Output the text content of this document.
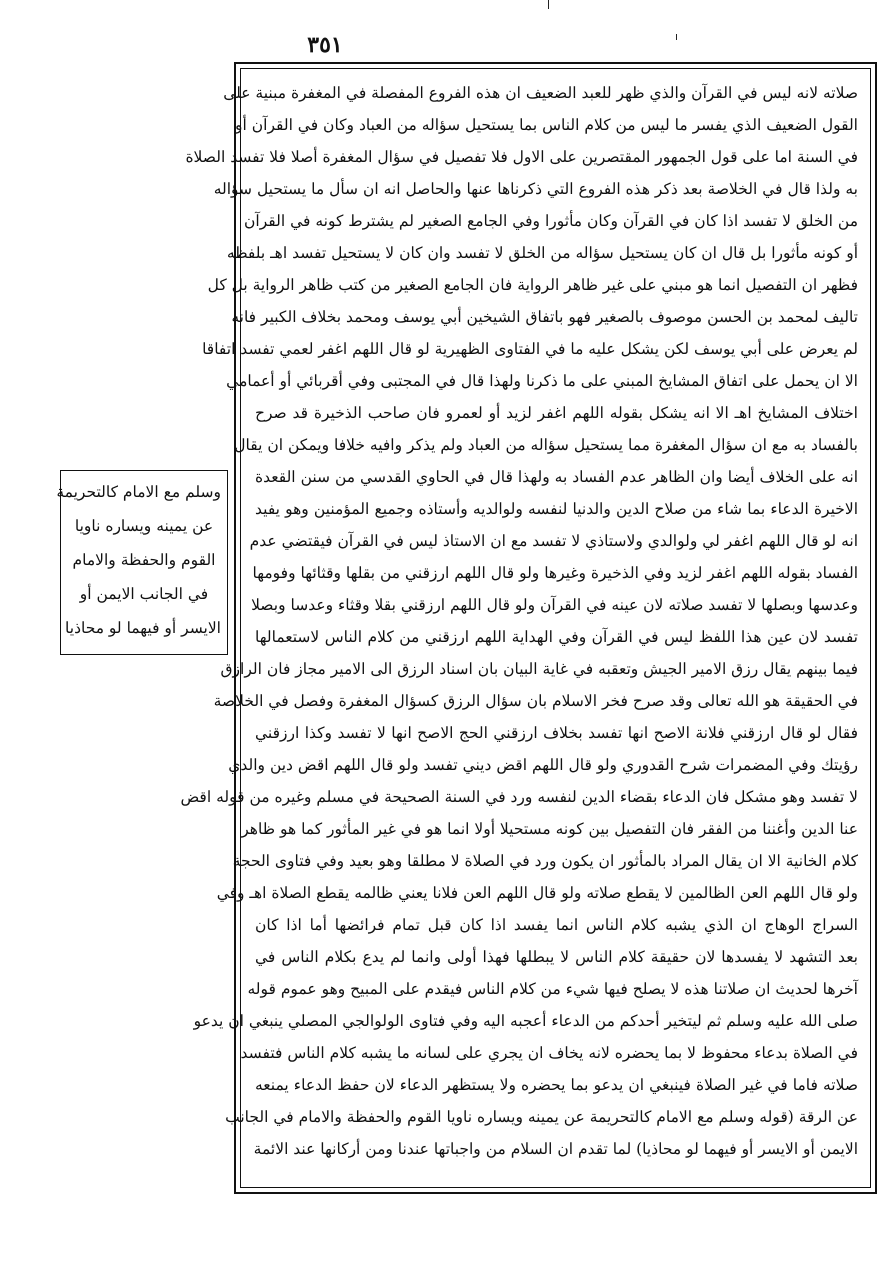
٣٥١
صلاته لانه ليس في القرآن والذي ظهر للعبد الضعيف ان هذه الفروع المفصلة في المغفرة مبنية على
القول الضعيف الذي يفسر ما ليس من كلام الناس بما يستحيل سؤاله من العباد وكان في القرآن أو
في السنة اما على قول الجمهور المقتصرين على الاول فلا تفصيل في سؤال المغفرة أصلا فلا تفسد الصلاة
به ولذا قال في الخلاصة بعد ذكر هذه الفروع التي ذكرناها عنها والحاصل انه ان سأل ما يستحيل سؤاله
من الخلق لا تفسد اذا كان في القرآن وكان مأثورا وفي الجامع الصغير لم يشترط كونه في القرآن
أو كونه مأثورا بل قال ان كان يستحيل سؤاله من الخلق لا تفسد وان كان لا يستحيل تفسد اهـ بلفظه
فظهر ان التفصيل انما هو مبني على غير ظاهر الرواية فان الجامع الصغير من كتب ظاهر الرواية بل كل
تاليف لمحمد بن الحسن موصوف بالصغير فهو باتفاق الشيخين أبي يوسف ومحمد بخلاف الكبير فانه
لم يعرض على أبي يوسف لكن يشكل عليه ما في الفتاوى الظهيرية لو قال اللهم اغفر لعمي تفسد اتفاقا
الا ان يحمل على اتفاق المشايخ المبني على ما ذكرنا ولهذا قال في المجتبى وفي أقربائي أو أعمامي
اختلاف المشايخ اهـ الا انه يشكل بقوله اللهم اغفر لزيد أو لعمرو فان صاحب الذخيرة قد صرح
بالفساد به مع ان سؤال المغفرة مما يستحيل سؤاله من العباد ولم يذكر وافيه خلافا ويمكن ان يقال
انه على الخلاف أيضا وان الظاهر عدم الفساد به ولهذا قال في الحاوي القدسي من سنن القعدة
الاخيرة الدعاء بما شاء من صلاح الدين والدنيا لنفسه ولوالديه وأستاذه وجميع المؤمنين وهو يفيد
انه لو قال اللهم اغفر لي ولوالدي ولاستاذي لا تفسد مع ان الاستاذ ليس في القرآن فيقتضي عدم
الفساد بقوله اللهم اغفر لزيد وفي الذخيرة وغيرها ولو قال اللهم ارزقني من بقلها وقثائها وفومها
وعدسها وبصلها لا تفسد صلاته لان عينه في القرآن ولو قال اللهم ارزقني بقلا وقثاء وعدسا وبصلا
تفسد لان عين هذا اللفظ ليس في القرآن وفي الهداية اللهم ارزقني من كلام الناس لاستعمالها
فيما بينهم يقال رزق الامير الجيش وتعقبه في غاية البيان بان اسناد الرزق الى الامير مجاز فان الرازق
في الحقيقة هو الله تعالى وقد صرح فخر الاسلام بان سؤال الرزق كسؤال المغفرة وفصل في الخلاصة
فقال لو قال ارزقني فلانة الاصح انها تفسد بخلاف ارزقني الحج الاصح انها لا تفسد وكذا ارزقني
رؤيتك وفي المضمرات شرح القدوري ولو قال اللهم اقض ديني تفسد ولو قال اللهم اقض دين والدي
لا تفسد وهو مشكل فان الدعاء بقضاء الدين لنفسه ورد في السنة الصحيحة في مسلم وغيره من قوله اقض
عنا الدين وأغننا من الفقر فان التفصيل بين كونه مستحيلا أولا انما هو في غير المأثور كما هو ظاهر
كلام الخانية الا ان يقال المراد بالمأثور ان يكون ورد في الصلاة لا مطلقا وهو بعيد وفي فتاوى الحجة
ولو قال اللهم العن الظالمين لا يقطع صلاته ولو قال اللهم العن فلانا يعني ظالمه يقطع الصلاة اهـ وفي
السراج الوهاج ان الذي يشبه كلام الناس انما يفسد اذا كان قبل تمام فرائضها أما اذا كان
بعد التشهد لا يفسدها لان حقيقة كلام الناس لا يبطلها فهذا أولى وانما لم يدع بكلام الناس في
آخرها لحديث ان صلاتنا هذه لا يصلح فيها شيء من كلام الناس فيقدم على المبيح وهو عموم قوله
صلى الله عليه وسلم ثم ليتخير أحدكم من الدعاء أعجبه اليه وفي فتاوى الولوالجي المصلي ينبغي ان يدعو
في الصلاة بدعاء محفوظ لا بما يحضره لانه يخاف ان يجري على لسانه ما يشبه كلام الناس فتفسد
صلاته فاما في غير الصلاة فينبغي ان يدعو بما يحضره ولا يستظهر الدعاء لان حفظ الدعاء يمنعه
عن الرقة (قوله وسلم مع الامام كالتحريمة عن يمينه ويساره ناويا القوم والحفظة والامام في الجانب
الايمن أو الايسر أو فيهما لو محاذيا) لما تقدم ان السلام من واجباتها عندنا ومن أركانها عند الائمة
وسلم مع الامام كالتحريمة
عن يمينه ويساره ناويا
القوم والحفظة والامام
في الجانب الايمن أو
الايسر أو فيهما لو محاذيا
